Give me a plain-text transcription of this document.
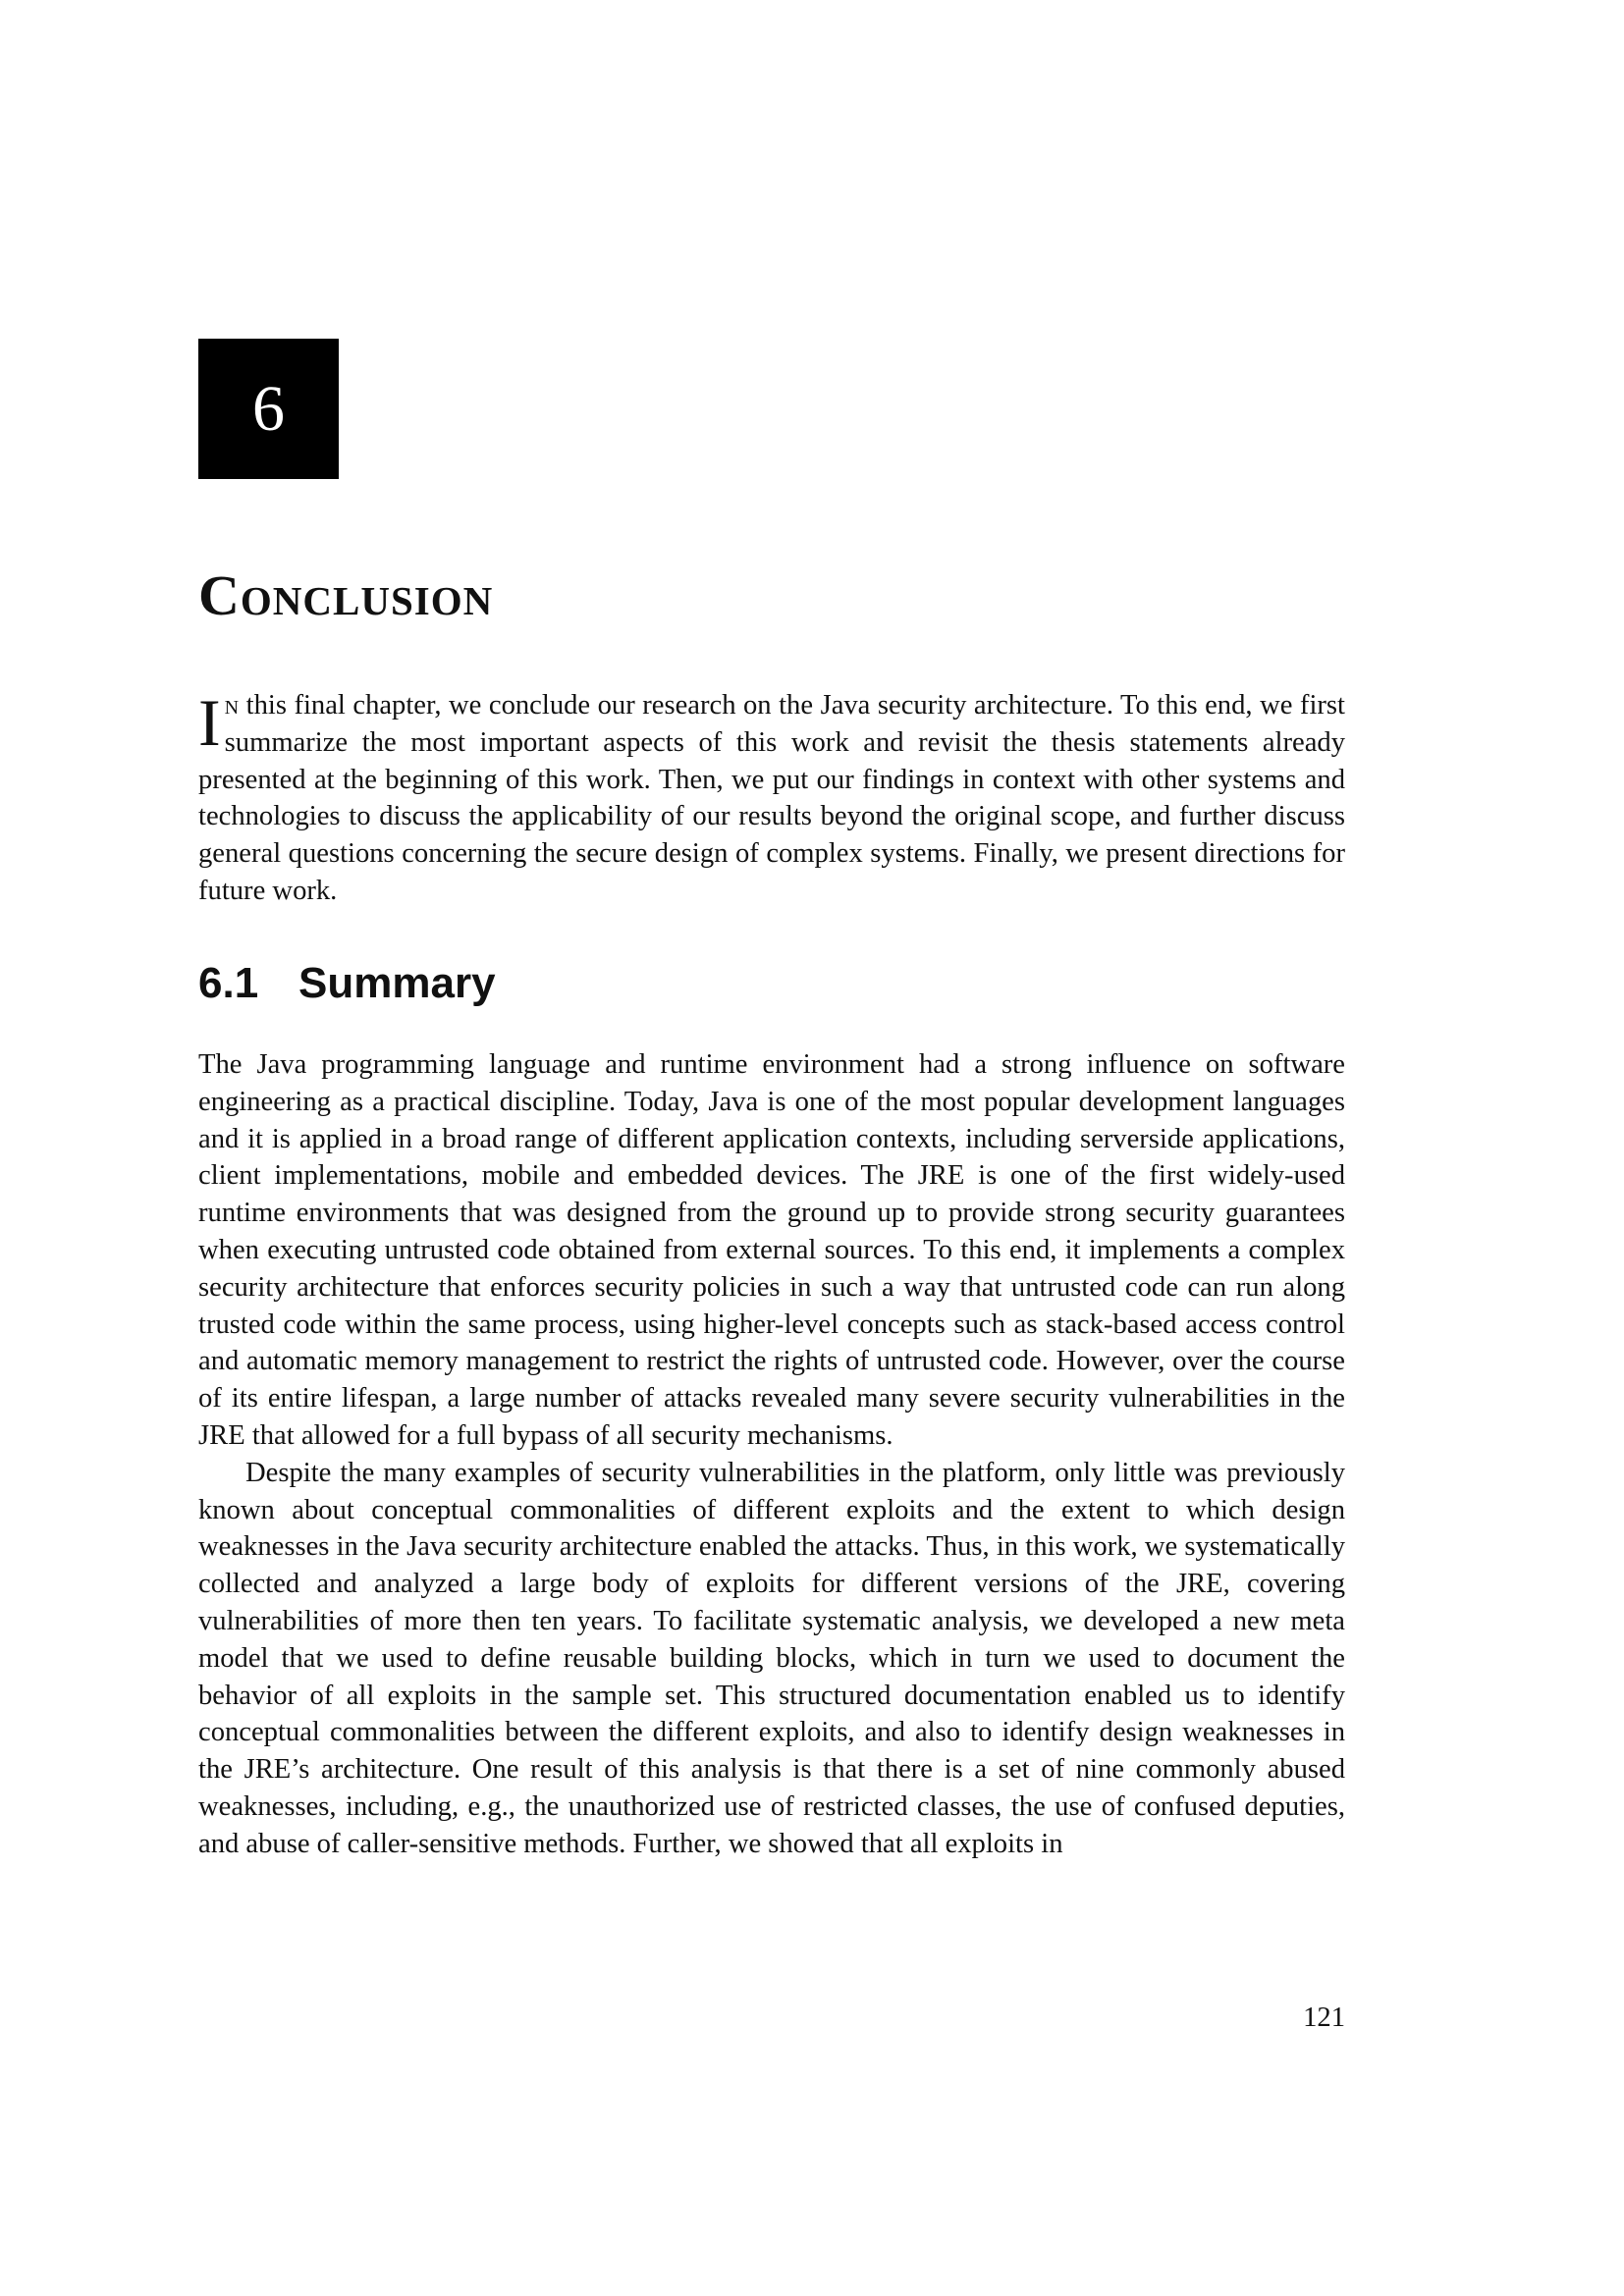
6
Conclusion

In this final chapter, we conclude our research on the Java security architecture. To this end, we first summarize the most important aspects of this work and revisit the thesis statements already presented at the beginning of this work. Then, we put our findings in context with other systems and technologies to discuss the applicability of our results beyond the original scope, and further discuss general questions concerning the secure design of complex systems. Finally, we present directions for future work.

6.1 Summary

The Java programming language and runtime environment had a strong influence on software engineering as a practical discipline. Today, Java is one of the most popular development languages and it is applied in a broad range of different application contexts, including serverside applications, client implementations, mobile and embedded devices. The JRE is one of the first widely-used runtime environments that was designed from the ground up to provide strong security guarantees when executing untrusted code obtained from external sources. To this end, it implements a complex security architecture that enforces security policies in such a way that untrusted code can run along trusted code within the same process, using higher-level concepts such as stack-based access control and automatic memory management to restrict the rights of untrusted code. However, over the course of its entire lifespan, a large number of attacks revealed many severe security vulnerabilities in the JRE that allowed for a full bypass of all security mechanisms.

Despite the many examples of security vulnerabilities in the platform, only little was previously known about conceptual commonalities of different exploits and the extent to which design weaknesses in the Java security architecture enabled the attacks. Thus, in this work, we systematically collected and analyzed a large body of exploits for different versions of the JRE, covering vulnerabilities of more then ten years. To facilitate systematic analysis, we developed a new meta model that we used to define reusable building blocks, which in turn we used to document the behavior of all exploits in the sample set. This structured documentation enabled us to identify conceptual commonalities between the different exploits, and also to identify design weaknesses in the JRE’s architecture. One result of this analysis is that there is a set of nine commonly abused weaknesses, including, e.g., the unauthorized use of restricted classes, the use of confused deputies, and abuse of caller-sensitive methods. Further, we showed that all exploits in

121
